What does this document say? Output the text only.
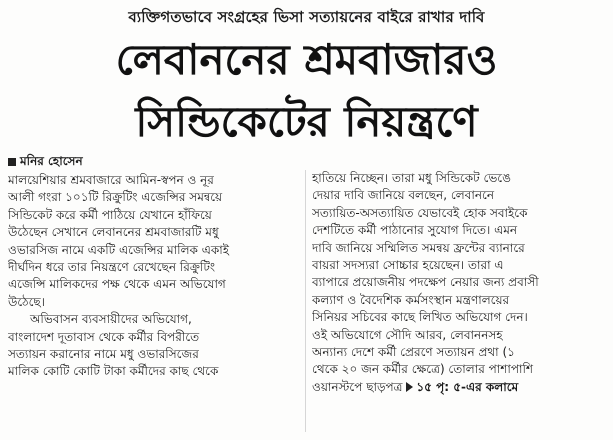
ব্যক্তিগতভাবে সংগ্রহের ভিসা সত্যায়নের বাইরে রাখার দাবি
লেবাননের শ্রমবাজারও
সিন্ডিকেটের নিয়ন্ত্রণে
মনির হোসেন
মালয়েশিয়ার শ্রমবাজারে আমিন-স্বপন ও নূর
আলী গংরা ১০১টি রিক্রুটিং এজেন্সির সমন্বয়ে
সিন্ডিকেট করে কর্মী পাঠিয়ে যেখানে হাঁফিয়ে
উঠেছেন সেখানে লেবাননের শ্রমবাজারটি মধু
ওভারসিজ নামে একটি এজেন্সির মালিক একাই
দীর্ঘদিন ধরে তার নিয়ন্ত্রণে রেখেছেন রিক্রুটিং
এজেন্সি মালিকদের পক্ষ থেকে এমন অভিযোগ
উঠেছে।
অভিবাসন ব্যবসায়ীদের অভিযোগ,
বাংলাদেশ দূতাবাস থেকে কর্মীর বিপরীতে
সত্যায়ন করানোর নামে মধু ওভারসিজের
মালিক কোটি কোটি টাকা কর্মীদের কাছ থেকে
হাতিয়ে নিচ্ছেন। তারা মধু সিন্ডিকেট ভেঙে
দেয়ার দাবি জানিয়ে বলছেন, লেবাননে
সত্যায়িত-অসত্যায়িত যেভাবেই হোক সবাইকে
দেশটিতে কর্মী পাঠানোর সুযোগ দিতে। এমন
দাবি জানিয়ে সম্মিলিত সমন্বয় ফ্রন্টের ব্যানারে
বায়রা সদস্যরা সোচ্চার হয়েছেন। তারা এ
ব্যাপারে প্রয়োজনীয় পদক্ষেপ নেয়ার জন্য প্রবাসী
কল্যাণ ও বৈদেশিক কর্মসংস্থান মন্ত্রণালয়ের
সিনিয়র সচিবের কাছে লিখিত অভিযোগ দেন।
ওই অভিযোগে সৌদি আরব, লেবাননসহ
অন্যান্য দেশে কর্মী প্রেরণে সত্যায়ন প্রথা (১
থেকে ২০ জন কর্মীর ক্ষেত্রে) তোলার পাশাপাশি
ওয়ানস্টপে ছাড়পত্র ১৫ পৃ: ৫-এর কলামে
